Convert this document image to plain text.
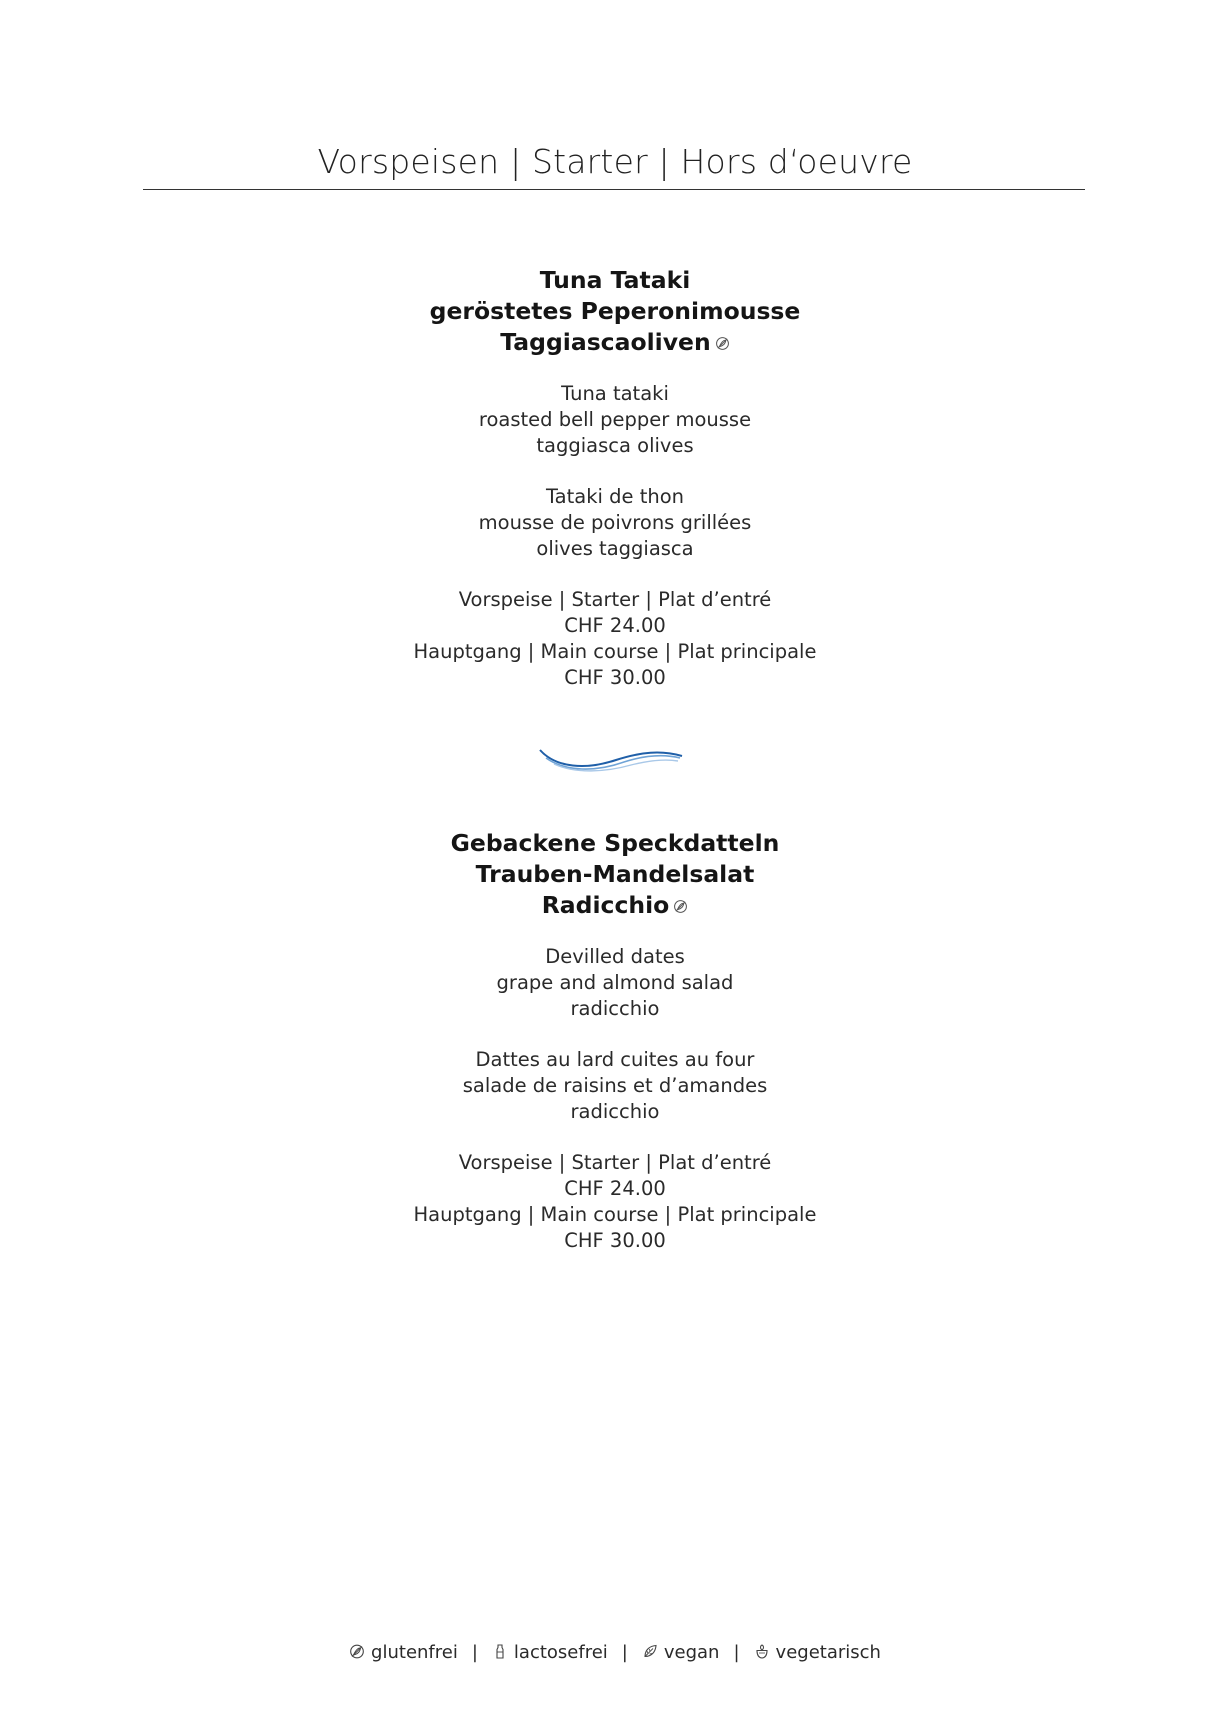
Vorspeisen | Starter | Hors d‘oeuvre
Tuna Tataki
geröstetes Peperonimousse
Taggiascaoliven
Tuna tataki
roasted bell pepper mousse
taggiasca olives
Tataki de thon
mousse de poivrons grillées
olives taggiasca
Vorspeise | Starter | Plat d’entré
CHF 24.00
Hauptgang | Main course | Plat principale
CHF 30.00
Gebackene Speckdatteln
Trauben-Mandelsalat
Radicchio
Devilled dates
grape and almond salad
radicchio
Dattes au lard cuites au four
salade de raisins et d’amandes
radicchio
Vorspeise | Starter | Plat d’entré
CHF 24.00
Hauptgang | Main course | Plat principale
CHF 30.00
glutenfrei | lactosefrei | vegan | vegetarisch
